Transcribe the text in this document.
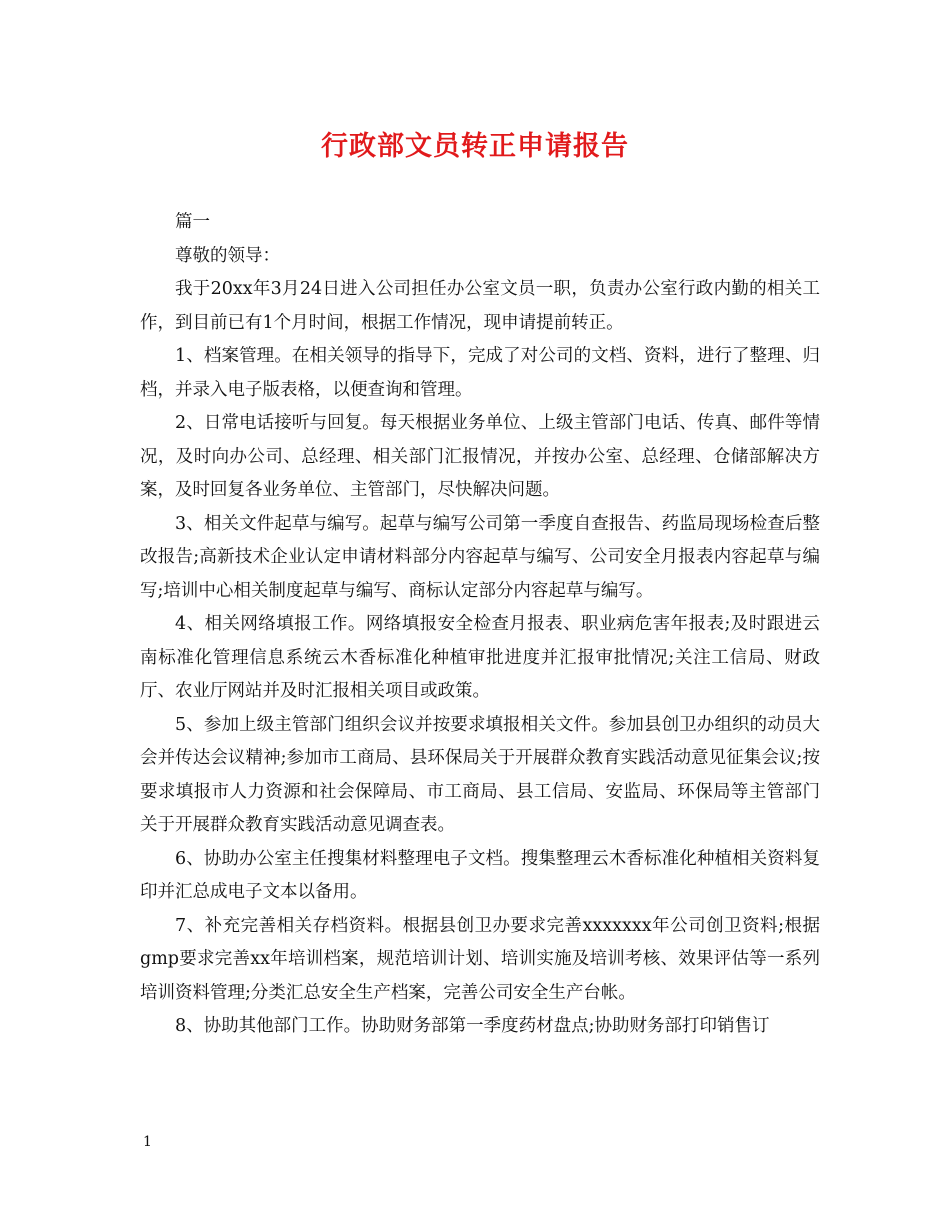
行政部文员转正申请报告

篇一

尊敬的领导：

我于20xx年3月24日进入公司担任办公室文员一职，负责办公室行政内勤的相关工作，到目前已有1个月时间，根据工作情况，现申请提前转正。

1、档案管理。在相关领导的指导下，完成了对公司的文档、资料，进行了整理、归档，并录入电子版表格，以便查询和管理。

2、日常电话接听与回复。每天根据业务单位、上级主管部门电话、传真、邮件等情况，及时向办公司、总经理、相关部门汇报情况，并按办公室、总经理、仓储部解决方案，及时回复各业务单位、主管部门，尽快解决问题。

3、相关文件起草与编写。起草与编写公司第一季度自查报告、药监局现场检查后整改报告;高新技术企业认定申请材料部分内容起草与编写、公司安全月报表内容起草与编写;培训中心相关制度起草与编写、商标认定部分内容起草与编写。

4、相关网络填报工作。网络填报安全检查月报表、职业病危害年报表;及时跟进云南标准化管理信息系统云木香标准化种植审批进度并汇报审批情况;关注工信局、财政厅、农业厅网站并及时汇报相关项目或政策。

5、参加上级主管部门组织会议并按要求填报相关文件。参加县创卫办组织的动员大会并传达会议精神;参加市工商局、县环保局关于开展群众教育实践活动意见征集会议;按要求填报市人力资源和社会保障局、市工商局、县工信局、安监局、环保局等主管部门关于开展群众教育实践活动意见调查表。

6、协助办公室主任搜集材料整理电子文档。搜集整理云木香标准化种植相关资料复印并汇总成电子文本以备用。

7、补充完善相关存档资料。根据县创卫办要求完善xxxxxxx年公司创卫资料;根据gmp要求完善xx年培训档案，规范培训计划、培训实施及培训考核、效果评估等一系列培训资料管理;分类汇总安全生产档案，完善公司安全生产台帐。

8、协助其他部门工作。协助财务部第一季度药材盘点;协助财务部打印销售订

1
